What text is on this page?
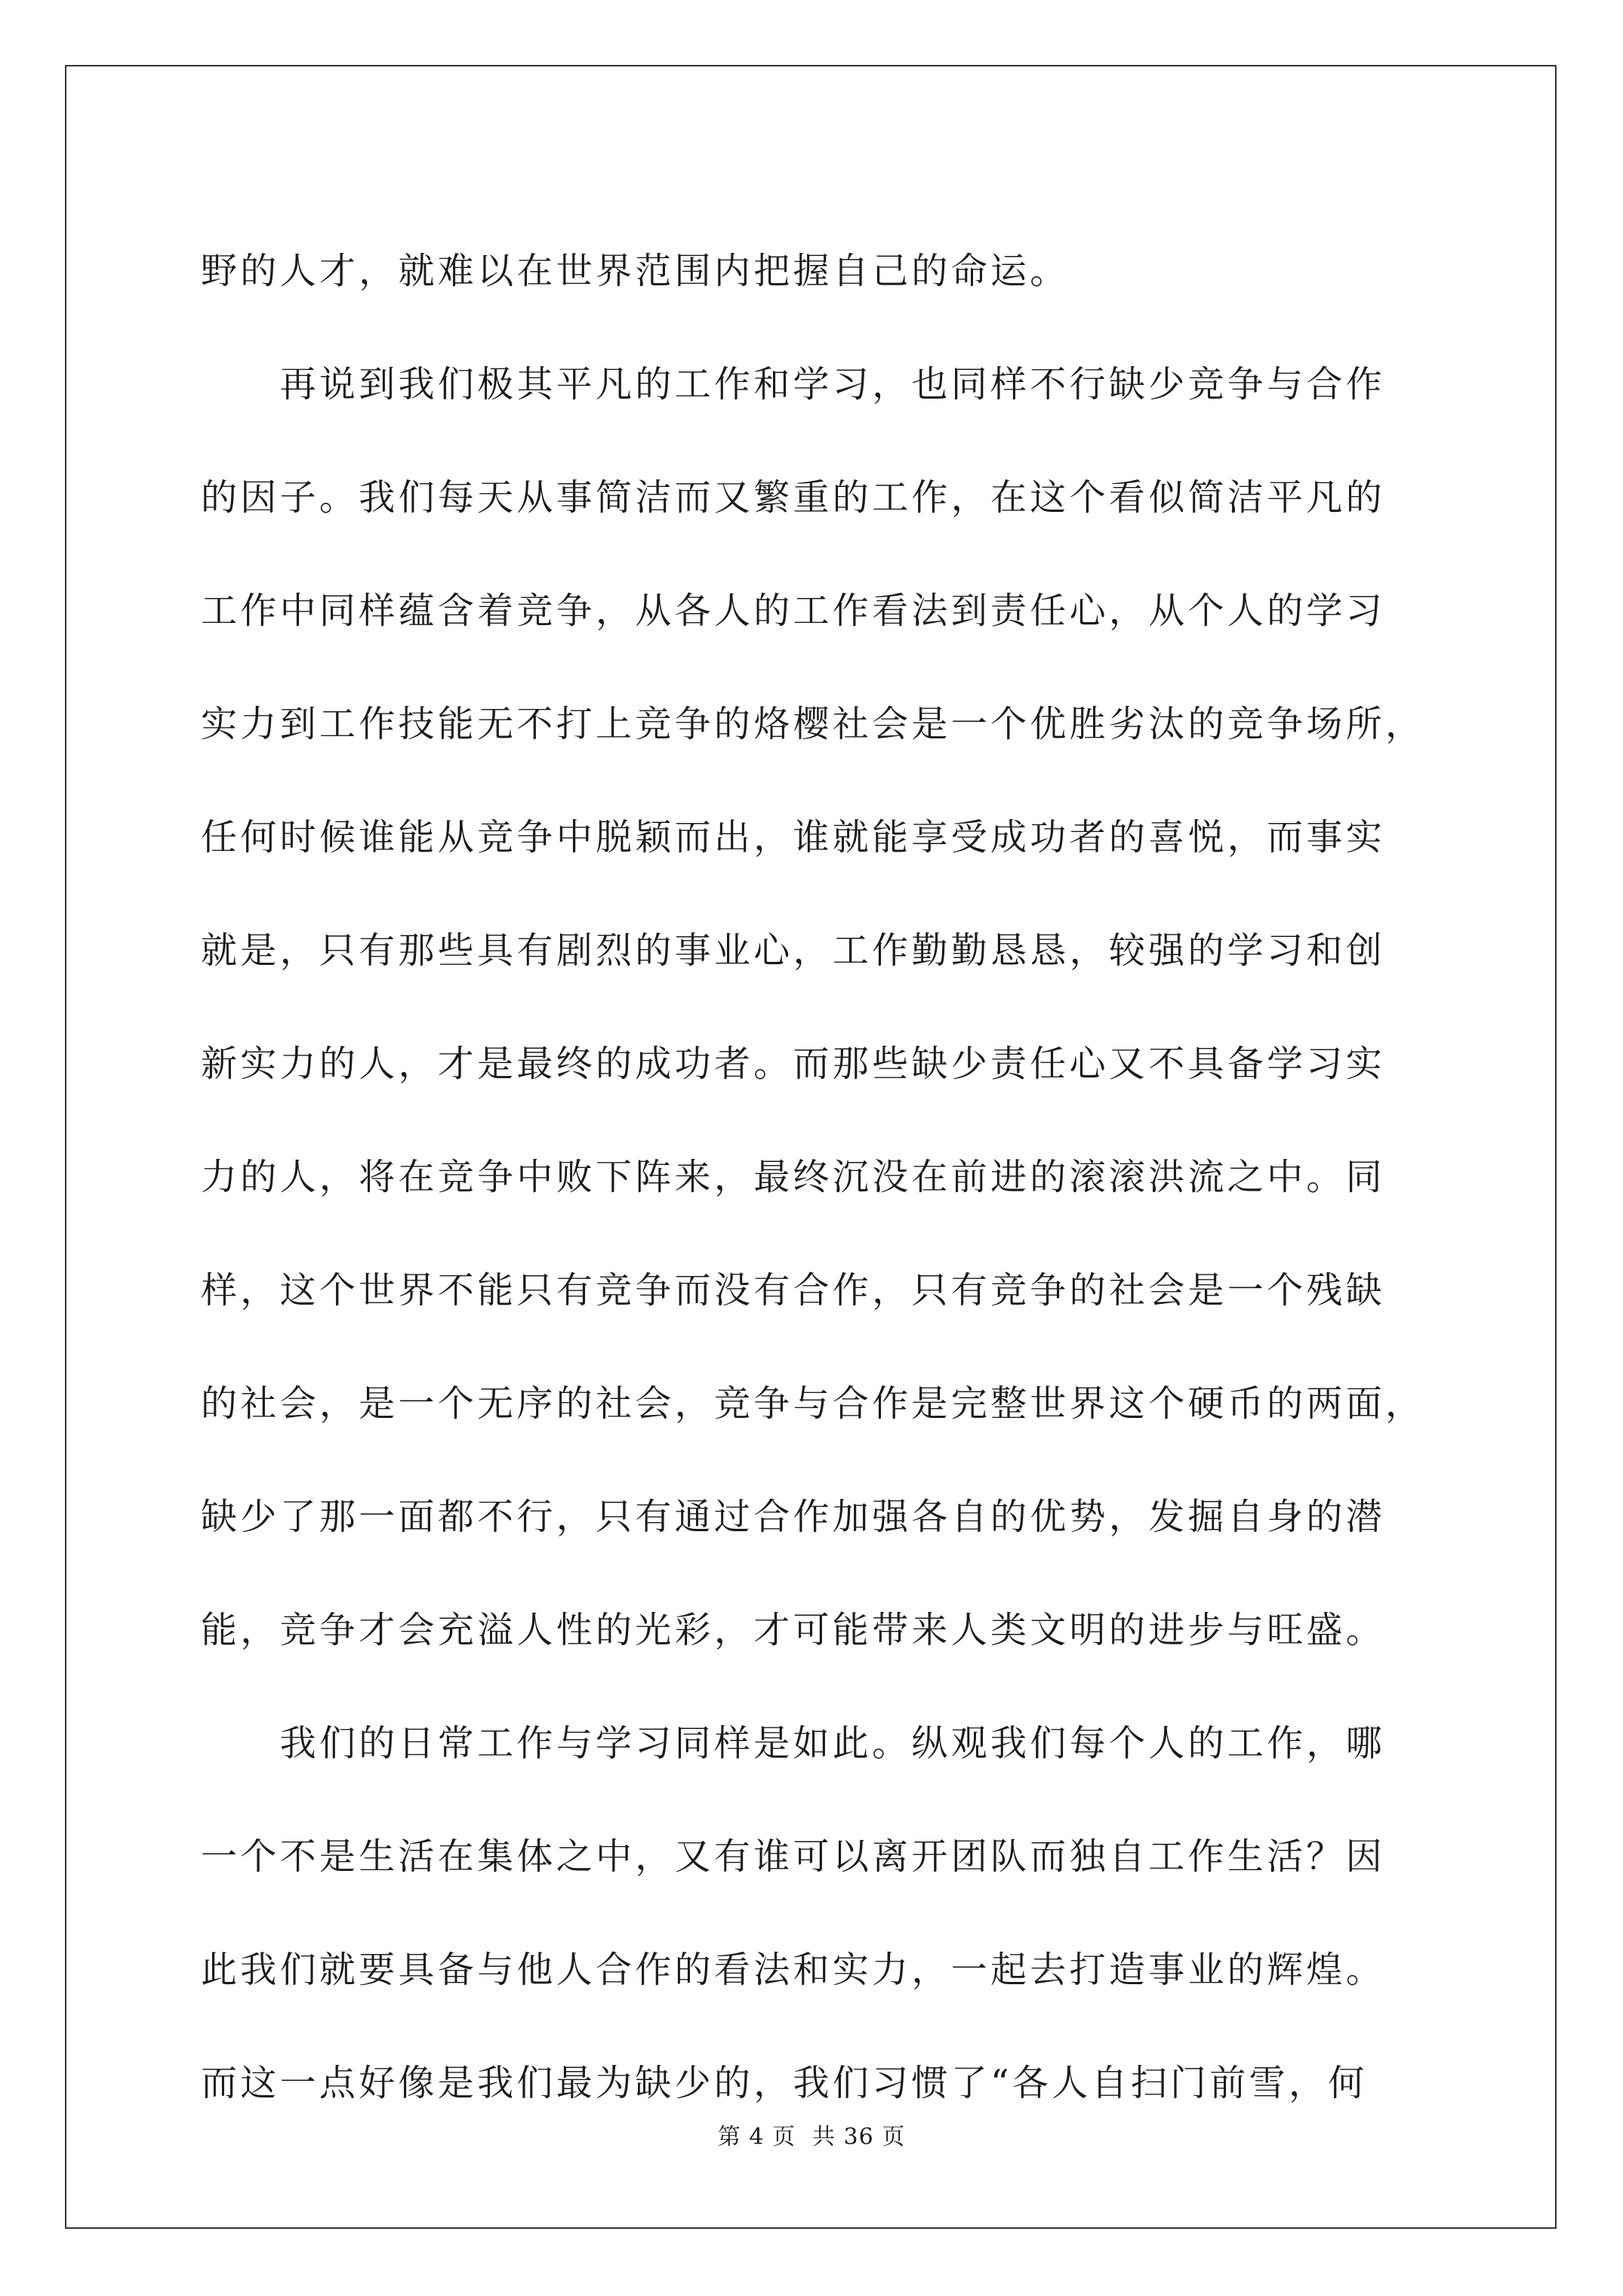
野的人才，就难以在世界范围内把握自己的命运。
　　再说到我们极其平凡的工作和学习，也同样不行缺少竞争与合作
的因子。我们每天从事简洁而又繁重的工作，在这个看似简洁平凡的
工作中同样蕴含着竞争，从各人的工作看法到责任心，从个人的学习
实力到工作技能无不打上竞争的烙樱社会是一个优胜劣汰的竞争场所，
任何时候谁能从竞争中脱颖而出，谁就能享受成功者的喜悦，而事实
就是，只有那些具有剧烈的事业心，工作勤勤恳恳，较强的学习和创
新实力的人，才是最终的成功者。而那些缺少责任心又不具备学习实
力的人，将在竞争中败下阵来，最终沉没在前进的滚滚洪流之中。同
样，这个世界不能只有竞争而没有合作，只有竞争的社会是一个残缺
的社会，是一个无序的社会，竞争与合作是完整世界这个硬币的两面，
缺少了那一面都不行，只有通过合作加强各自的优势，发掘自身的潜
能，竞争才会充溢人性的光彩，才可能带来人类文明的进步与旺盛。
　　我们的日常工作与学习同样是如此。纵观我们每个人的工作，哪
一个不是生活在集体之中，又有谁可以离开团队而独自工作生活？因
此我们就要具备与他人合作的看法和实力，一起去打造事业的辉煌。
而这一点好像是我们最为缺少的，我们习惯了“各人自扫门前雪，何
第 4 页 共 36 页
